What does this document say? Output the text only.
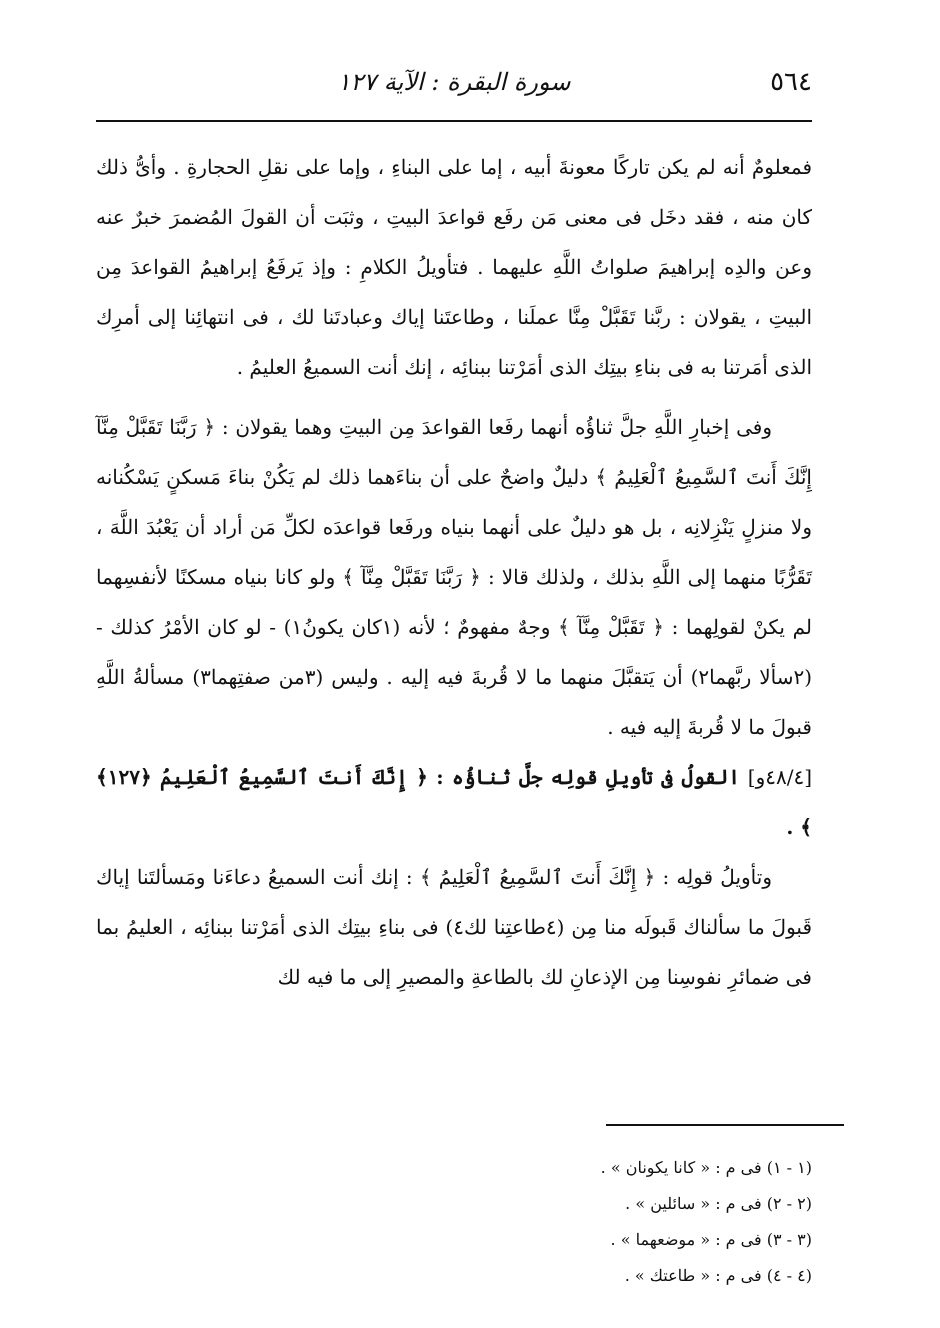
٥٦٤
سورة البقرة : الآية ١٢٧

فمعلومٌ أنه لم يكن تاركًا معونةَ أبيه ، إما على البناءِ ، وإما على نقلِ الحجارةِ . وأىُّ ذلك كان منه ، فقد دخَل فى معنى مَن رفَع قواعدَ البيتِ ، وثبَت أن القولَ المُضمرَ خبرٌ عنه وعن والدِه إبراهيمَ صلواتُ اللَّهِ عليهما . فتأويلُ الكلامِ : وإذ يَرفَعُ إبراهيمُ القواعدَ مِن البيتِ ، يقولان : ربَّنا تَقَبَّلْ مِنَّا عملَنا ، وطاعتَنا إياك وعبادتَنا لك ، فى انتهائِنا إلى أمرِك الذى أمَرتنا به فى بناءِ بيتِك الذى أمَرْتنا ببنائِه ، إنك أنت السميعُ العليمُ .

وفى إخبارِ اللَّهِ جلَّ ثناؤُه أنهما رفَعا القواعدَ مِن البيتِ وهما يقولان : ﴿ رَبَّنَا تَقَبَّلْ مِنَّآ إِنَّكَ أَنتَ ٱلسَّمِيعُ ٱلْعَلِيمُ ﴾ دليلٌ واضحٌ على أن بناءَهما ذلك لم يَكُنْ بناءَ مَسكنٍ يَسْكُنانه ولا منزلٍ يَنْزِلانِه ، بل هو دليلٌ على أنهما بنياه ورفَعا قواعدَه لكلِّ مَن أراد أن يَعْبُدَ اللَّهَ ، تَقَرُّبًا منهما إلى اللَّهِ بذلك ، ولذلك قالا : ﴿ رَبَّنَا تَقَبَّلْ مِنَّآ ﴾ ولو كانا بنياه مسكنًا لأنفسِهما لم يكنْ لقولِهما : ﴿ تَقَبَّلْ مِنَّآ ﴾ وجهٌ مفهومٌ ؛ لأنه (١كان يكونُ١) - لو كان الأمْرُ كذلك - (٢سألا ربَّهما٢) أن يَتقبَّلَ منهما ما لا قُربةَ فيه إليه . وليس (٣من صفتِهما٣) مسألةُ اللَّهِ قبولَ ما لا قُربةَ إليه فيه .

[٤٨/٤و] القولُ فى تأويلِ قولِه جلَّ ثناؤُه : ﴿ إِنَّكَ أَنتَ ٱلسَّمِيعُ ٱلْعَلِيمُ ﴿١٢٧﴾ ﴾ .

وتأويلُ قولِه : ﴿ إِنَّكَ أَنتَ ٱلسَّمِيعُ ٱلْعَلِيمُ ﴾ : إنك أنت السميعُ دعاءَنا ومَسألتَنا إياك قَبولَ ما سألناك قَبولَه منا مِن (٤طاعتِنا لك٤) فى بناءِ بيتِك الذى أمَرْتنا ببنائِه ، العليمُ بما فى ضمائرِ نفوسِنا مِن الإذعانِ لك بالطاعةِ والمصيرِ إلى ما فيه لك

(١ - ١) فى م : « كانا يكونان » .

(٢ - ٢) فى م : « سائلين » .

(٣ - ٣) فى م : « موضعهما » .

(٤ - ٤) فى م : « طاعتك » .
